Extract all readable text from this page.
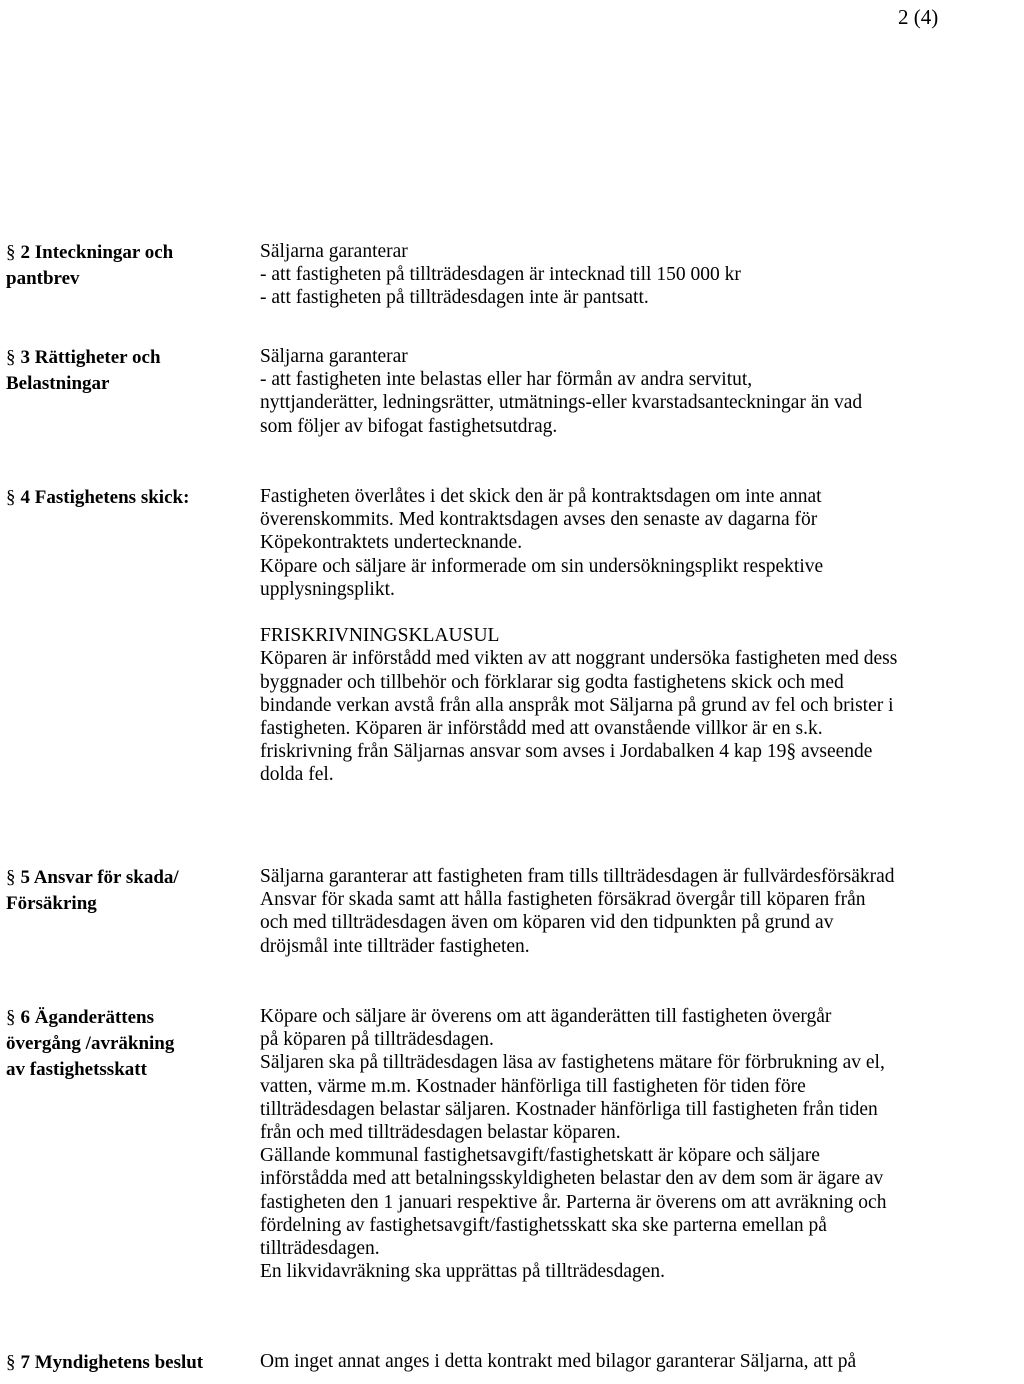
2 (4)
§ 2 Inteckningar och
pantbrev
Säljarna garanterar
- att fastigheten på tillträdesdagen är intecknad till 150 000 kr
- att fastigheten på tillträdesdagen inte är pantsatt.
§ 3 Rättigheter och
Belastningar
Säljarna garanterar
- att fastigheten inte belastas eller har förmån av andra servitut,
nyttjanderätter, ledningsrätter, utmätnings-eller kvarstadsanteckningar än vad
som följer av bifogat fastighetsutdrag.
§ 4 Fastighetens skick:	Fastigheten överlåtes i det skick den är på kontraktsdagen om inte annat
överenskommits. Med kontraktsdagen avses den senaste av dagarna för
Köpekontraktets undertecknande.
Köpare och säljare är informerade om sin undersökningsplikt respektive
upplysningsplikt.
FRISKRIVNINGSKLAUSUL
Köparen är införstådd med vikten av att noggrant undersöka fastigheten med dess
byggnader och tillbehör och förklarar sig godta fastighetens skick och med
bindande verkan avstå från alla anspråk mot Säljarna på grund av fel och brister i
fastigheten. Köparen är införstådd med att ovanstående villkor är en s.k.
friskrivning från Säljarnas ansvar som avses i Jordabalken 4 kap 19§ avseende
dolda fel.
§ 5 Ansvar för skada/
Försäkring
Säljarna garanterar att fastigheten fram tills tillträdesdagen är fullvärdesförsäkrad
Ansvar för skada samt att hålla fastigheten försäkrad övergår till köparen från
och med tillträdesdagen även om köparen vid den tidpunkten på grund av
dröjsmål inte tillträder fastigheten.
§ 6 Äganderättens
övergång /avräkning
av fastighetsskatt
Köpare och säljare är överens om att äganderätten till fastigheten övergår
på köparen på tillträdesdagen.
Säljaren ska på tillträdesdagen läsa av fastighetens mätare för förbrukning av el,
vatten, värme m.m. Kostnader hänförliga till fastigheten för tiden före
tillträdesdagen belastar säljaren. Kostnader hänförliga till fastigheten från tiden
från och med tillträdesdagen belastar köparen.
Gällande kommunal fastighetsavgift/fastighetskatt är köpare och säljare
införstådda med att betalningsskyldigheten belastar den av dem som är ägare av
fastigheten den 1 januari respektive år. Parterna är överens om att avräkning och
fördelning av fastighetsavgift/fastighetsskatt ska ske parterna emellan på
tillträdesdagen.
En likvidavräkning ska upprättas på tillträdesdagen.
§ 7 Myndighetens beslut	Om inget annat anges i detta kontrakt med bilagor garanterar Säljarna, att på
